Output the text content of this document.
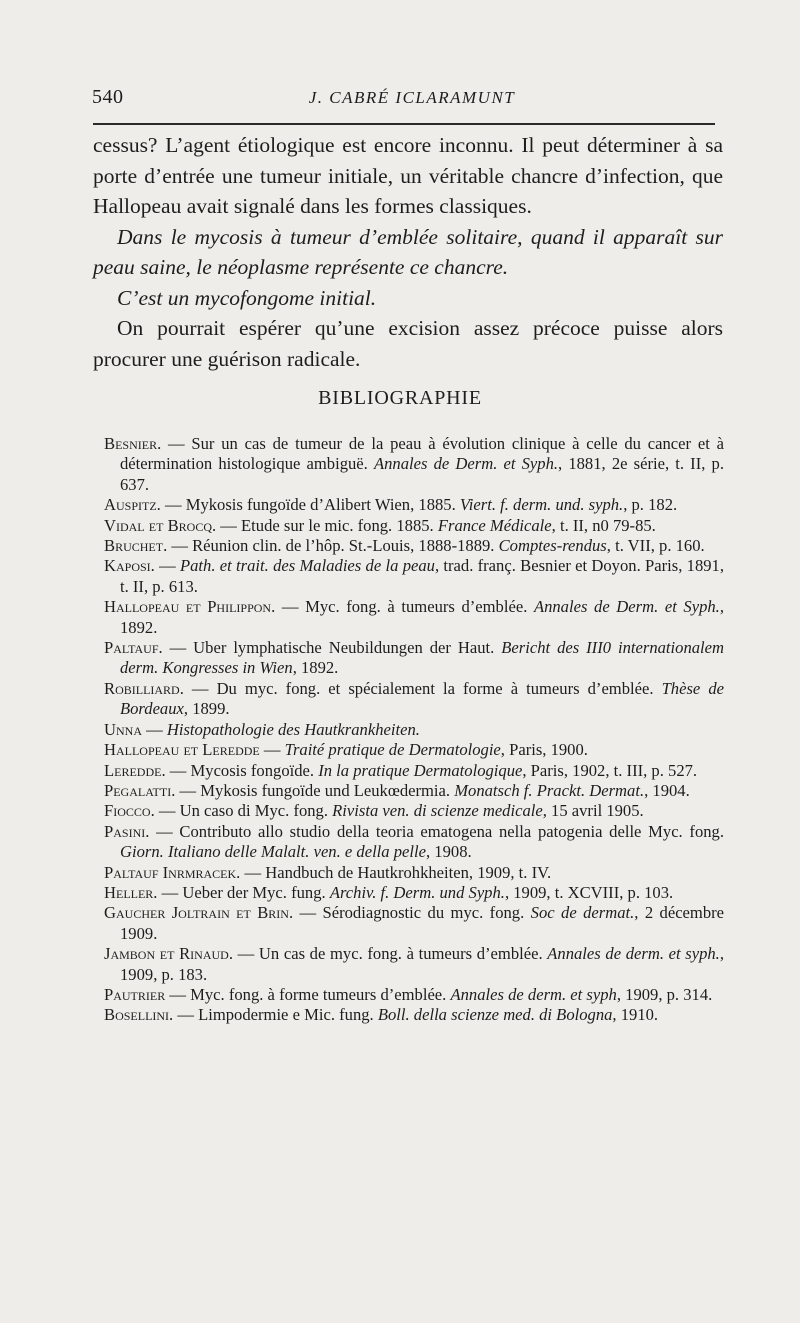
540	J. CABRÉ ICLARAMUNT

cessus? L’agent étiologique est encore inconnu. Il peut déterminer à sa porte d’entrée une tumeur initiale, un véritable chancre d’infection, que Hallopeau avait signalé dans les formes classiques.

Dans le mycosis à tumeur d’emblée solitaire, quand il apparaît sur peau saine, le néoplasme représente ce chancre.

C’est un mycofongome initial.

On pourrait espérer qu’une excision assez précoce puisse alors procurer une guérison radicale.

BIBLIOGRAPHIE

Besnier. — Sur un cas de tumeur de la peau à évolution clinique à celle du cancer et à détermination histologique ambiguë. Annales de Derm. et Syph., 1881, 2e série, t. II, p. 637.

Auspitz. — Mykosis fungoïde d’Alibert Wien, 1885. Viert. f. derm. und. syph., p. 182.

Vidal et Brocq. — Etude sur le mic. fong. 1885. France Médicale, t. II, n0 79-85.

Bruchet. — Réunion clin. de l’hôp. St.-Louis, 1888-1889. Comptes-rendus, t. VII, p. 160.

Kaposi. — Path. et trait. des Maladies de la peau, trad. franç. Besnier et Doyon. Paris, 1891, t. II, p. 613.

Hallopeau et Philippon. — Myc. fong. à tumeurs d’emblée. Annales de Derm. et Syph., 1892.

Paltauf. — Uber lymphatische Neubildungen der Haut. Bericht des III0 internationalem derm. Kongresses in Wien, 1892.

Robilliard. — Du myc. fong. et spécialement la forme à tumeurs d’emblée. Thèse de Bordeaux, 1899.

Unna — Histopathologie des Hautkrankheiten.

Hallopeau et Leredde — Traité pratique de Dermatologie, Paris, 1900.

Leredde. — Mycosis fongoïde. In la pratique Dermatologique, Paris, 1902, t. III, p. 527.

Pegalatti. — Mykosis fungoïde und Leukœdermia. Monatsch f. Prackt. Dermat., 1904.

Fiocco. — Un caso di Myc. fong. Rivista ven. di scienze medicale, 15 avril 1905.

Pasini. — Contributo allo studio della teoria ematogena nella patogenia delle Myc. fong. Giorn. Italiano delle Malalt. ven. e della pelle, 1908.

Paltauf Inrmracek. — Handbuch de Hautkrohkheiten, 1909, t. IV.

Heller. — Ueber der Myc. fung. Archiv. f. Derm. und Syph., 1909, t. XCVIII, p. 103.

Gaucher Joltrain et Brin. — Sérodiagnostic du myc. fong. Soc de dermat., 2 décembre 1909.

Jambon et Rinaud. — Un cas de myc. fong. à tumeurs d’emblée. Annales de derm. et syph., 1909, p. 183.

Pautrier — Myc. fong. à forme tumeurs d’emblée. Annales de derm. et syph, 1909, p. 314.

Bosellini. — Limpodermie e Mic. fung. Boll. della scienze med. di Bologna, 1910.
